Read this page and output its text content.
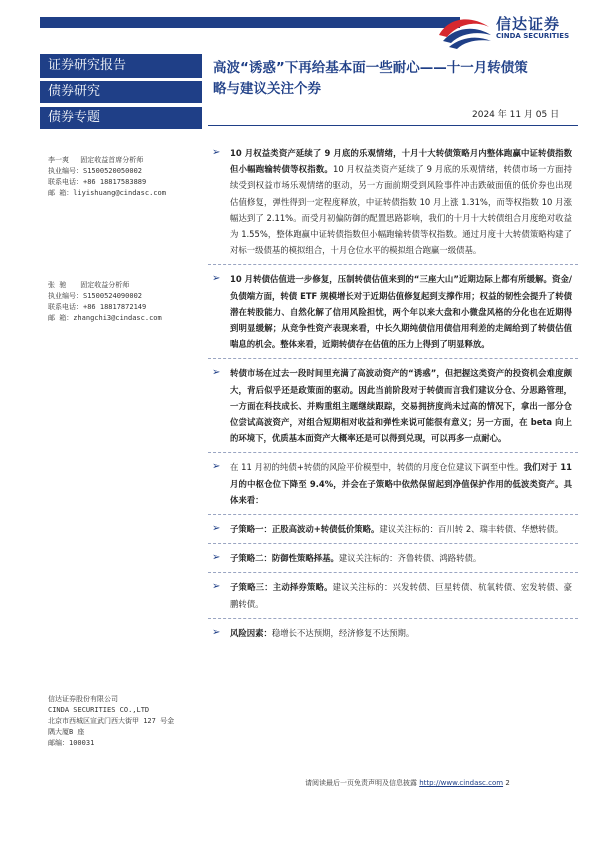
信达证券
CINDA SECURITIES
证券研究报告
债券研究
债券专题
李一爽 固定收益首席分析师
执业编号：S1500520050002
联系电话：+86 18817583889
邮 箱：liyishuang@cindasc.com
张 驰 固定收益分析师
执业编号：S1500524090002
联系电话：+86 18817872149
邮 箱：zhangchi3@cindasc.com
信达证券股份有限公司
CINDA SECURITIES CO.,LTD
北京市西城区宣武门西大街甲 127 号金
隅大厦B 座
邮编：100031
高波“诱惑”下再给基本面一些耐心——十一月转债策
略与建议关注个券
2024 年 11 月 05 日
➢ 10 月权益类资产延续了 9 月底的乐观情绪，十月十大转债策略月内整体跑赢中证转债指数但小幅跑输转债等权指数。10 月权益类资产延续了 9 月底的乐观情绪，转债市场一方面持续受到权益市场乐观情绪的驱动，另一方面前期受到风险事件冲击跌破面值的低价券也出现估值修复，弹性得到一定程度释放，中证转债指数 10 月上涨 1.31%，而等权指数 10 月涨幅达到了 2.11%。而受月初偏防御的配置思路影响，我们的十月十大转债组合月度绝对收益为 1.55%，整体跑赢中证转债指数但小幅跑输转债等权指数。通过月度十大转债策略构建了对标一级债基的模拟组合，十月仓位水平的模拟组合跑赢一级债基。
➢ 10 月转债估值进一步修复，压制转债估值来到的“三座大山”近期边际上都有所缓解。资金/负债端方面，转债 ETF 规模增长对于近期估值修复起到支撑作用；权益的韧性会提升了转债潜在转股能力、自然化解了信用风险担忧，两个年以来大盘和小微盘风格的分化也在近期得到明显缓解；从竞争性资产表现来看，中长久期纯债信用债信用利差的走阔给到了转债估值喘息的机会。整体来看，近期转债存在估值的压力上得到了明显释放。
➢ 转债市场在过去一段时间里充满了高波动资产的“诱惑”，但把握这类资产的投资机会难度颇大，背后似乎还是政策面的驱动。因此当前阶段对于转债而言我们建议分仓、分思路管理，一方面在科技成长、并购重组主题继续跟踪，交易拥挤度尚未过高的情况下，拿出一部分仓位尝试高波资产，对组合短期相对收益和弹性来说可能很有意义；另一方面，在 beta 向上的环境下，优质基本面资产大概率还是可以得到兑现，可以再多一点耐心。
➢ 在 11 月初的纯债+转债的风险平价模型中，转债的月度仓位建议下调至中性。我们对于 11 月的中枢仓位下降至 9.4%，并会在子策略中依然保留起到净值保护作用的低波类资产。具体来看：
➢ 子策略一：正股高波动+转债低价策略。建议关注标的：百川转 2、瑞丰转债、华懋转债。
➢ 子策略二：防御性策略择基。建议关注标的：齐鲁转债、鸿路转债。
➢ 子策略三：主动择券策略。建议关注标的：兴发转债、巨星转债、杭氧转债、宏发转债、豪鹏转债。
➢ 风险因素：稳增长不达预期，经济修复不达预期。
请阅读最后一页免责声明及信息披露 http://www.cindasc.com 2
